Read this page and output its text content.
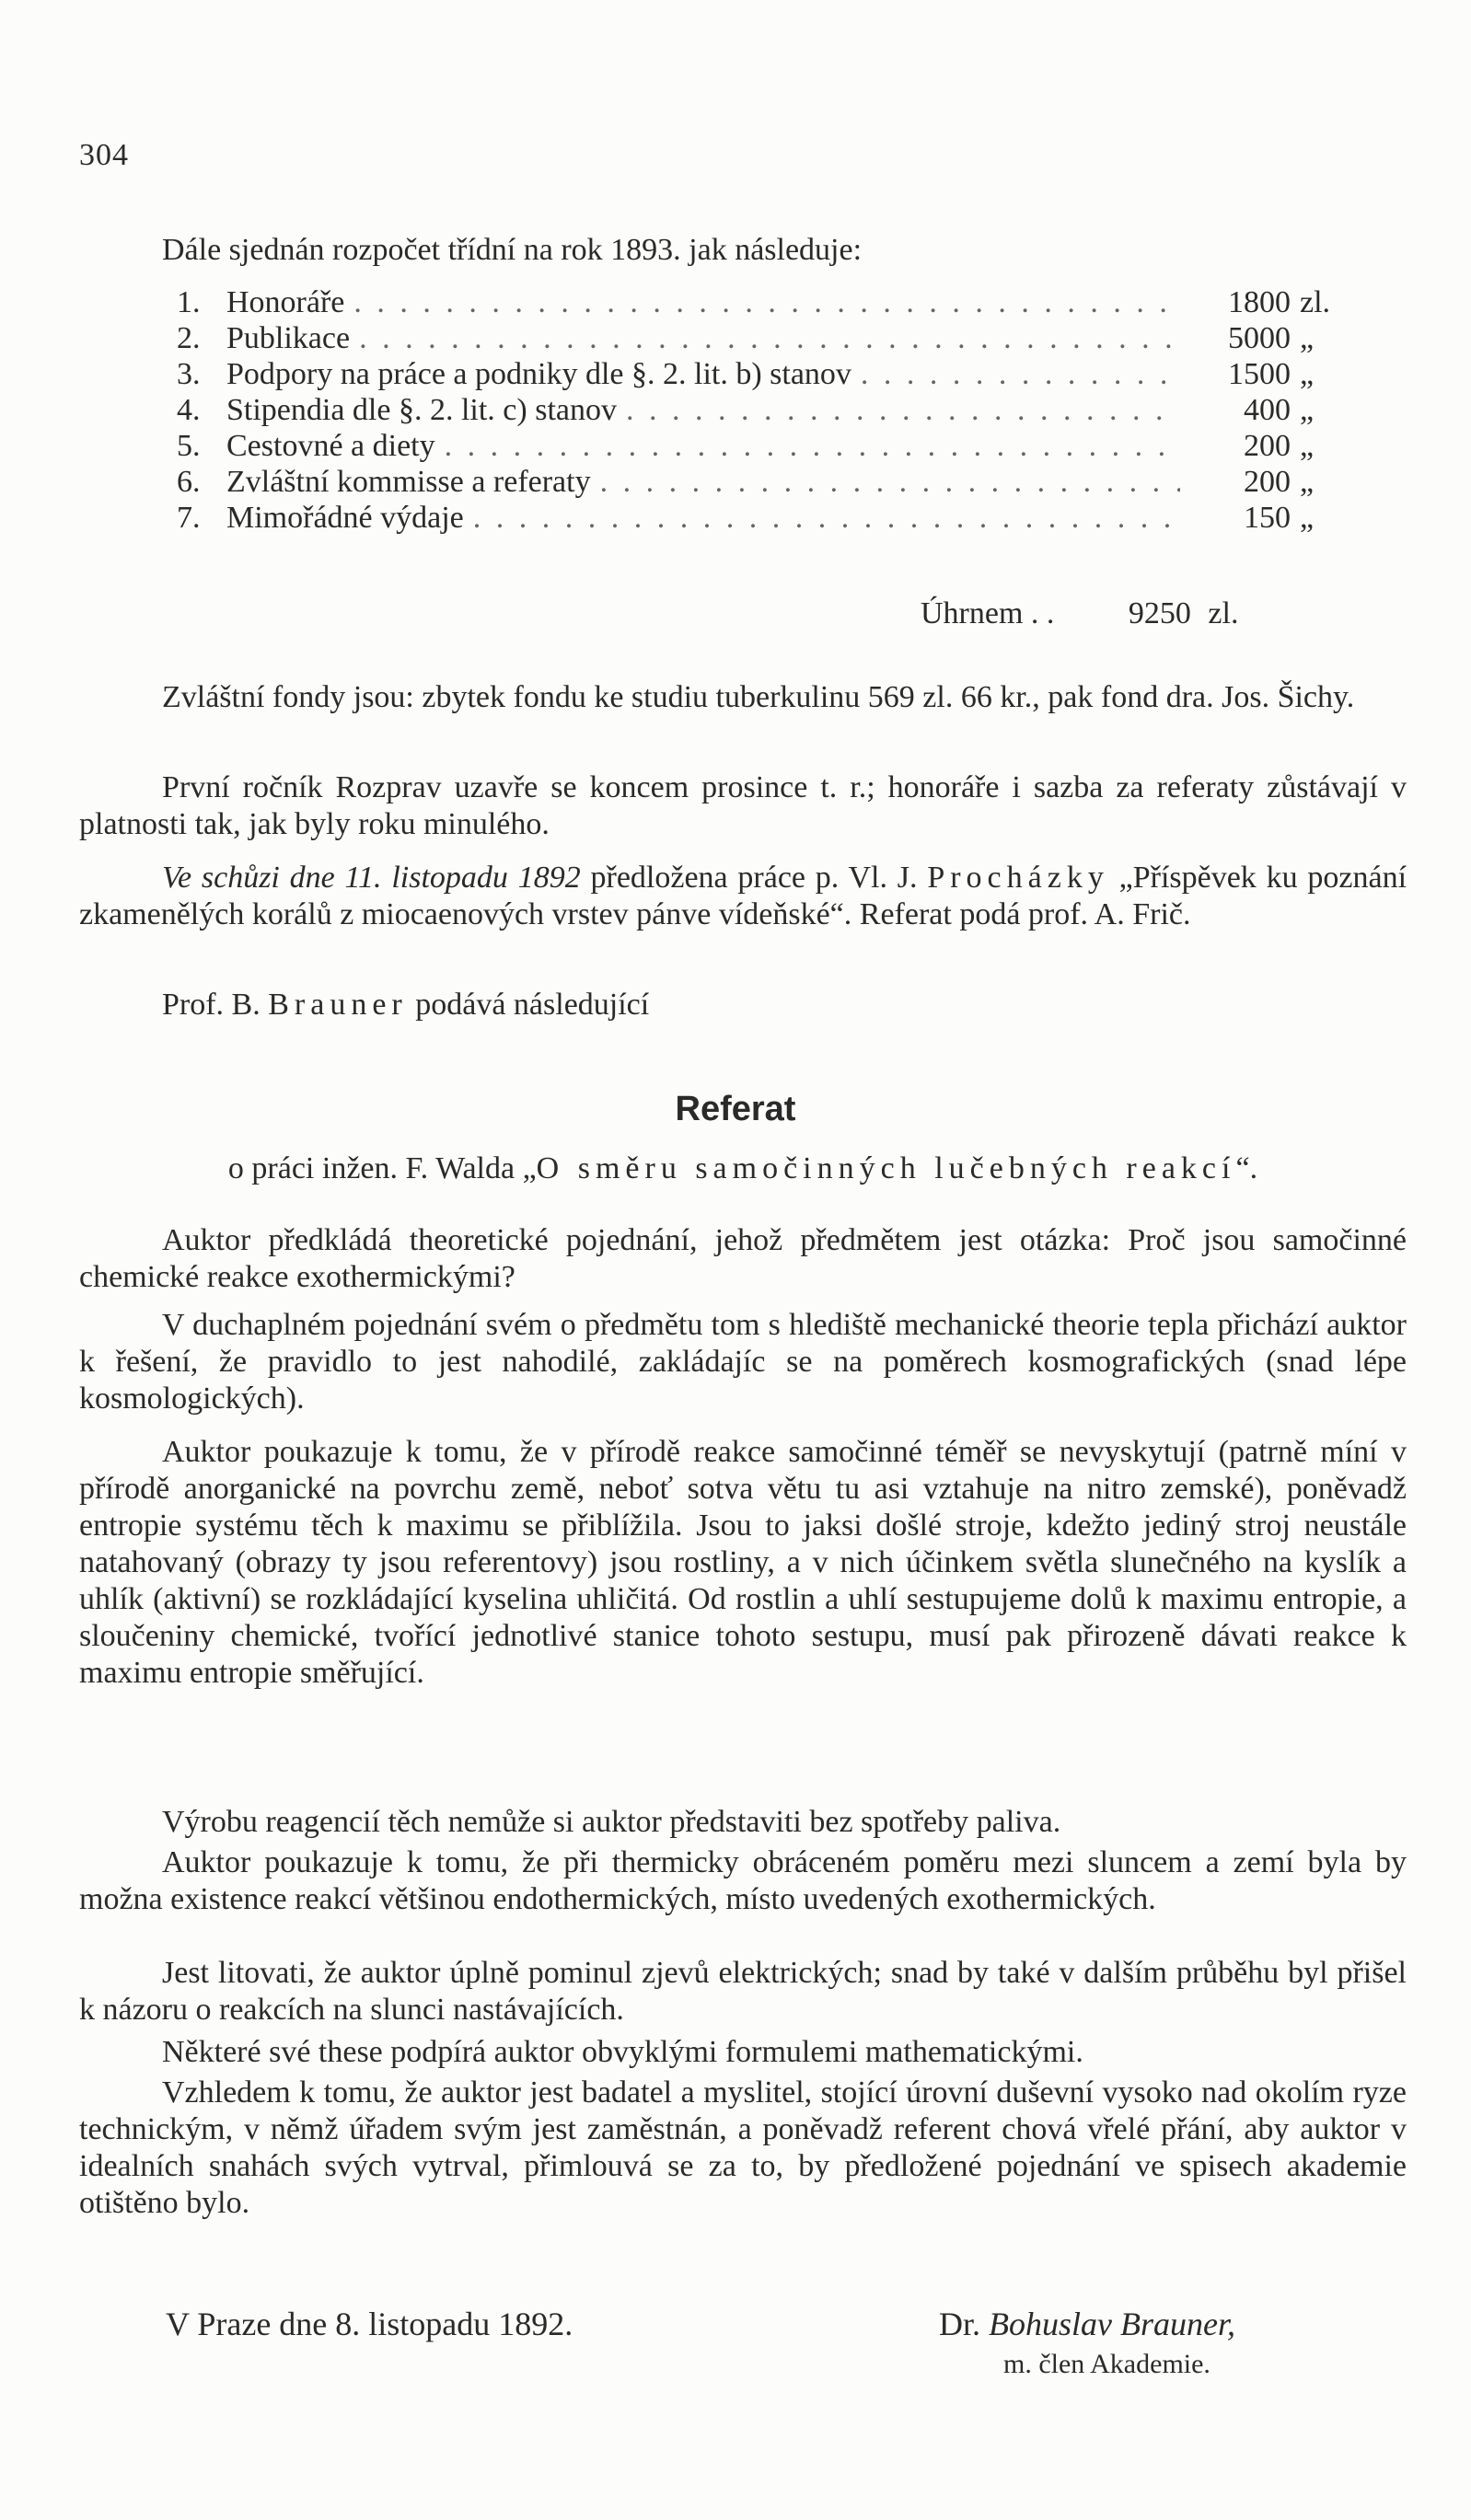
304

Dále sjednán rozpočet třídní na rok 1893. jak následuje:

1. Honoráře . . .	1800 zl.
2. Publikace . . .	5000 „
3. Podpory na práce a podniky dle §. 2. lit. b) stanov . . .	1500 „
4. Stipendia dle §. 2. lit. c) stanov . . .	400 „
5. Cestovné a diety . . .	200 „
6. Zvláštní kommisse a referaty . . .	200 „
7. Mimořádné výdaje . . .	150 „
Úhrnem . . 9250 zl.

Zvláštní fondy jsou: zbytek fondu ke studiu tuberkulinu 569 zl. 66 kr., pak fond dra. Jos. Šichy.

První ročník Rozprav uzavře se koncem prosince t. r.; honoráře i sazba za referaty zůstávají v platnosti tak, jak byly roku minulého.

Ve schůzi dne 11. listopadu 1892 předložena práce p. Vl. J. Procházky „Příspěvek ku poznání zkamenělých korálů z miocaenových vrstev pánve vídeňské“. Referat podá prof. A. Frič.

Prof. B. Brauner podává následující

Referat

o práci inžen. F. Walda „O směru samočinných lučebných reakcí“.

Auktor předkládá theoretické pojednání, jehož předmětem jest otázka: Proč jsou samočinné chemické reakce exothermickými?

V duchaplném pojednání svém o předmětu tom s hlediště mechanické theorie tepla přichází auktor k řešení, že pravidlo to jest nahodilé, zakládajíc se na poměrech kosmografických (snad lépe kosmologických).

Auktor poukazuje k tomu, že v přírodě reakce samočinné téměř se nevyskytují (patrně míní v přírodě anorganické na povrchu země, neboť sotva větu tu asi vztahuje na nitro zemské), poněvadž entropie systému těch k maximu se přiblížila. Jsou to jaksi došlé stroje, kdežto jediný stroj neustále natahovaný (obrazy ty jsou referentovy) jsou rostliny, a v nich účinkem světla slunečného na kyslík a uhlík (aktivní) se rozkládající kyselina uhličitá. Od rostlin a uhlí sestupujeme dolů k maximu entropie, a sloučeniny chemické, tvořící jednotlivé stanice tohoto sestupu, musí pak přirozeně dávati reakce k maximu entropie směřující.

Výrobu reagencií těch nemůže si auktor představiti bez spotřeby paliva.

Auktor poukazuje k tomu, že při thermicky obráceném poměru mezi sluncem a zemí byla by možna existence reakcí většinou endothermických, místo uvedených exothermických.

Jest litovati, že auktor úplně pominul zjevů elektrických; snad by také v dalším průběhu byl přišel k názoru o reakcích na slunci nastávajících.

Některé své these podpírá auktor obvyklými formulemi mathematickými.

Vzhledem k tomu, že auktor jest badatel a myslitel, stojící úrovní duševní vysoko nad okolím ryze technickým, v němž úřadem svým jest zaměstnán, a poněvadž referent chová vřelé přání, aby auktor v idealních snahách svých vytrval, přimlouvá se za to, by předložené pojednání ve spisech akademie otištěno bylo.

V Praze dne 8. listopadu 1892.	Dr. Bohuslav Brauner,
m. člen Akademie.
